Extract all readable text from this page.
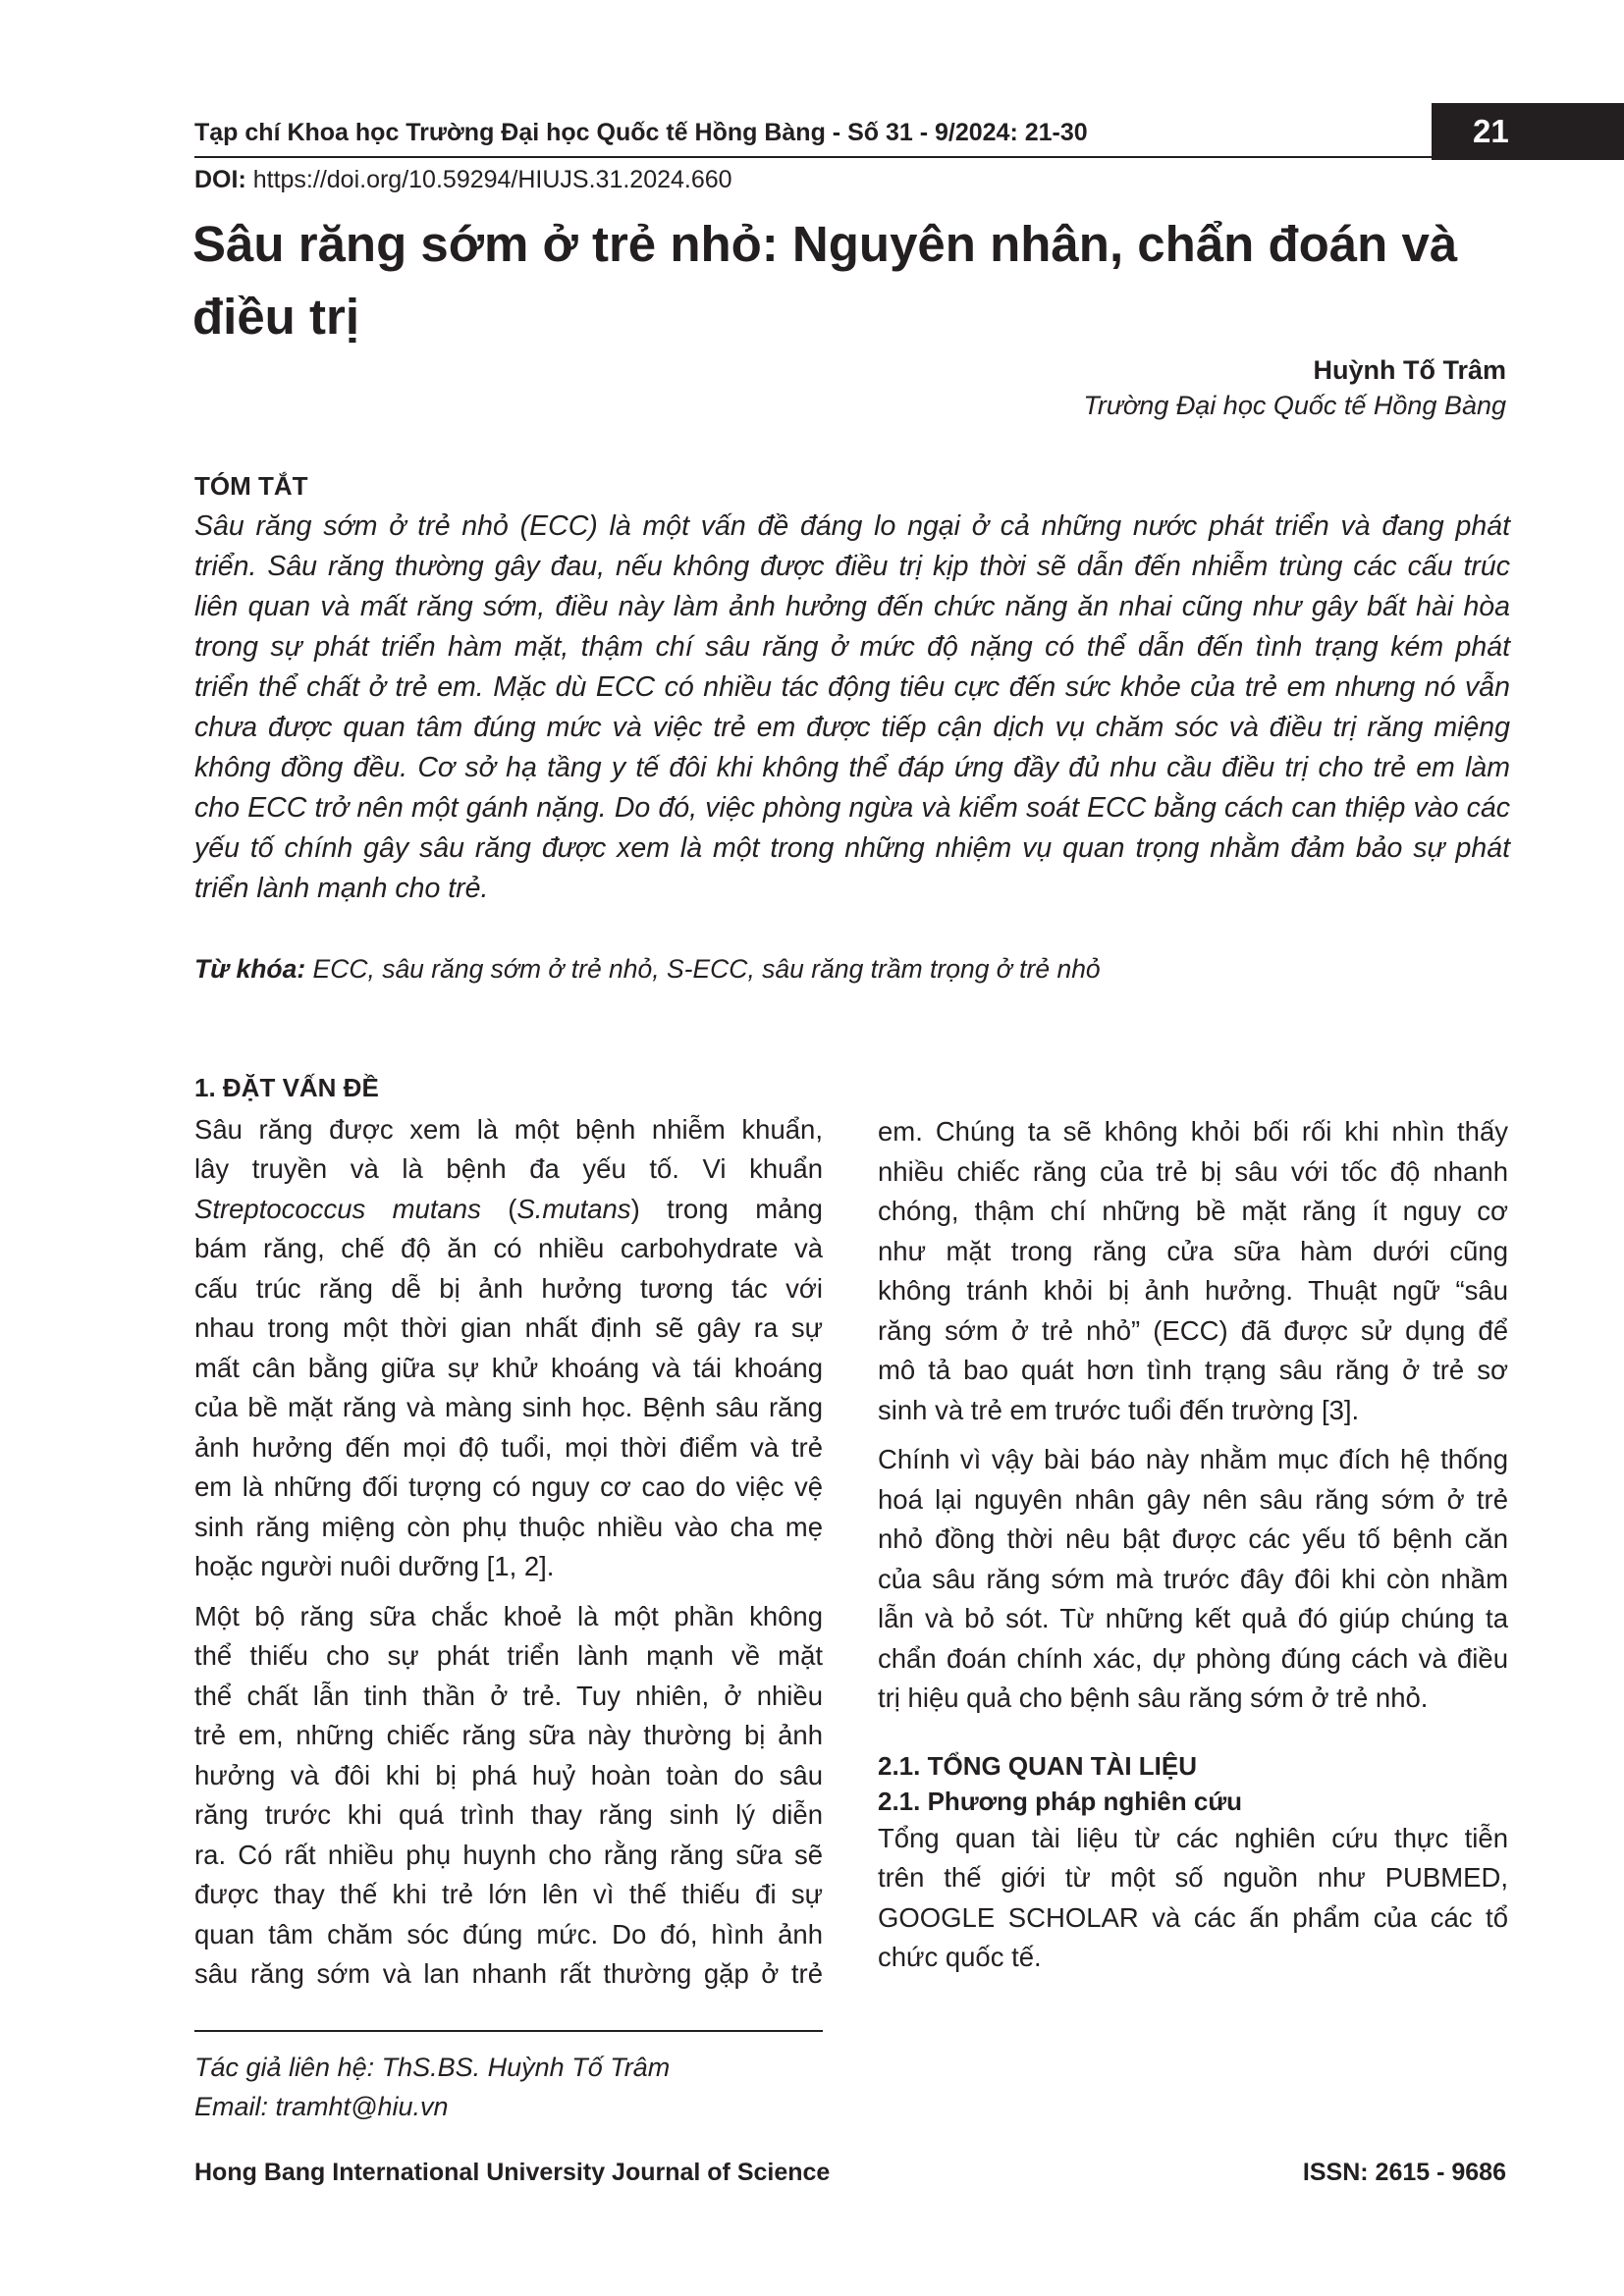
Tạp chí Khoa học Trường Đại học Quốc tế Hồng Bàng - Số 31 - 9/2024: 21-30	21
DOI: https://doi.org/10.59294/HIUJS.31.2024.660
Sâu răng sớm ở trẻ nhỏ: Nguyên nhân, chẩn đoán và
điều trị
Huỳnh Tố Trâm
Trường Đại học Quốc tế Hồng Bàng
TÓM TẮT
Sâu răng sớm ở trẻ nhỏ (ECC) là một vấn đề đáng lo ngại ở cả những nước phát triển và đang phát
triển. Sâu răng thường gây đau, nếu không được điều trị kịp thời sẽ dẫn đến nhiễm trùng các cấu trúc
liên quan và mất răng sớm, điều này làm ảnh hưởng đến chức năng ăn nhai cũng như gây bất hài hòa
trong sự phát triển hàm mặt, thậm chí sâu răng ở mức độ nặng có thể dẫn đến tình trạng kém phát
triển thể chất ở trẻ em. Mặc dù ECC có nhiều tác động tiêu cực đến sức khỏe của trẻ em nhưng nó vẫn
chưa được quan tâm đúng mức và việc trẻ em được tiếp cận dịch vụ chăm sóc và điều trị răng miệng
không đồng đều. Cơ sở hạ tầng y tế đôi khi không thể đáp ứng đầy đủ nhu cầu điều trị cho trẻ em làm
cho ECC trở nên một gánh nặng. Do đó, việc phòng ngừa và kiểm soát ECC bằng cách can thiệp vào các
yếu tố chính gây sâu răng được xem là một trong những nhiệm vụ quan trọng nhằm đảm bảo sự phát
triển lành mạnh cho trẻ.
Từ khóa: ECC, sâu răng sớm ở trẻ nhỏ, S-ECC, sâu răng trầm trọng ở trẻ nhỏ
1. ĐẶT VẤN ĐỀ
Sâu răng được xem là một bệnh nhiễm khuẩn,
lây truyền và là bệnh đa yếu tố. Vi khuẩn
Streptococcus mutans (S.mutans) trong mảng
bám răng, chế độ ăn có nhiều carbohydrate và
cấu trúc răng dễ bị ảnh hưởng tương tác với
nhau trong một thời gian nhất định sẽ gây ra sự
mất cân bằng giữa sự khử khoáng và tái khoáng
của bề mặt răng và màng sinh học. Bệnh sâu răng
ảnh hưởng đến mọi độ tuổi, mọi thời điểm và trẻ
em là những đối tượng có nguy cơ cao do việc vệ
sinh răng miệng còn phụ thuộc nhiều vào cha mẹ
hoặc người nuôi dưỡng [1, 2].
Một bộ răng sữa chắc khoẻ là một phần không
thể thiếu cho sự phát triển lành mạnh về mặt
thể chất lẫn tinh thần ở trẻ. Tuy nhiên, ở nhiều
trẻ em, những chiếc răng sữa này thường bị ảnh
hưởng và đôi khi bị phá huỷ hoàn toàn do sâu
răng trước khi quá trình thay răng sinh lý diễn
ra. Có rất nhiều phụ huynh cho rằng răng sữa sẽ
được thay thế khi trẻ lớn lên vì thế thiếu đi sự
quan tâm chăm sóc đúng mức. Do đó, hình ảnh
sâu răng sớm và lan nhanh rất thường gặp ở trẻ
em. Chúng ta sẽ không khỏi bối rối khi nhìn thấy
nhiều chiếc răng của trẻ bị sâu với tốc độ nhanh
chóng, thậm chí những bề mặt răng ít nguy cơ
như mặt trong răng cửa sữa hàm dưới cũng
không tránh khỏi bị ảnh hưởng. Thuật ngữ “sâu
răng sớm ở trẻ nhỏ” (ECC) đã được sử dụng để
mô tả bao quát hơn tình trạng sâu răng ở trẻ sơ
sinh và trẻ em trước tuổi đến trường [3].
Chính vì vậy bài báo này nhằm mục đích hệ thống
hoá lại nguyên nhân gây nên sâu răng sớm ở trẻ
nhỏ đồng thời nêu bật được các yếu tố bệnh căn
của sâu răng sớm mà trước đây đôi khi còn nhầm
lẫn và bỏ sót. Từ những kết quả đó giúp chúng ta
chẩn đoán chính xác, dự phòng đúng cách và điều
trị hiệu quả cho bệnh sâu răng sớm ở trẻ nhỏ.
2.1. TỔNG QUAN TÀI LIỆU
2.1. Phương pháp nghiên cứu
Tổng quan tài liệu từ các nghiên cứu thực tiễn
trên thế giới từ một số nguồn như PUBMED,
GOOGLE SCHOLAR và các ấn phẩm của các tổ
chức quốc tế.
Tác giả liên hệ: ThS.BS. Huỳnh Tố Trâm
Email: tramht@hiu.vn
Hong Bang International University Journal of Science	ISSN: 2615 - 9686
